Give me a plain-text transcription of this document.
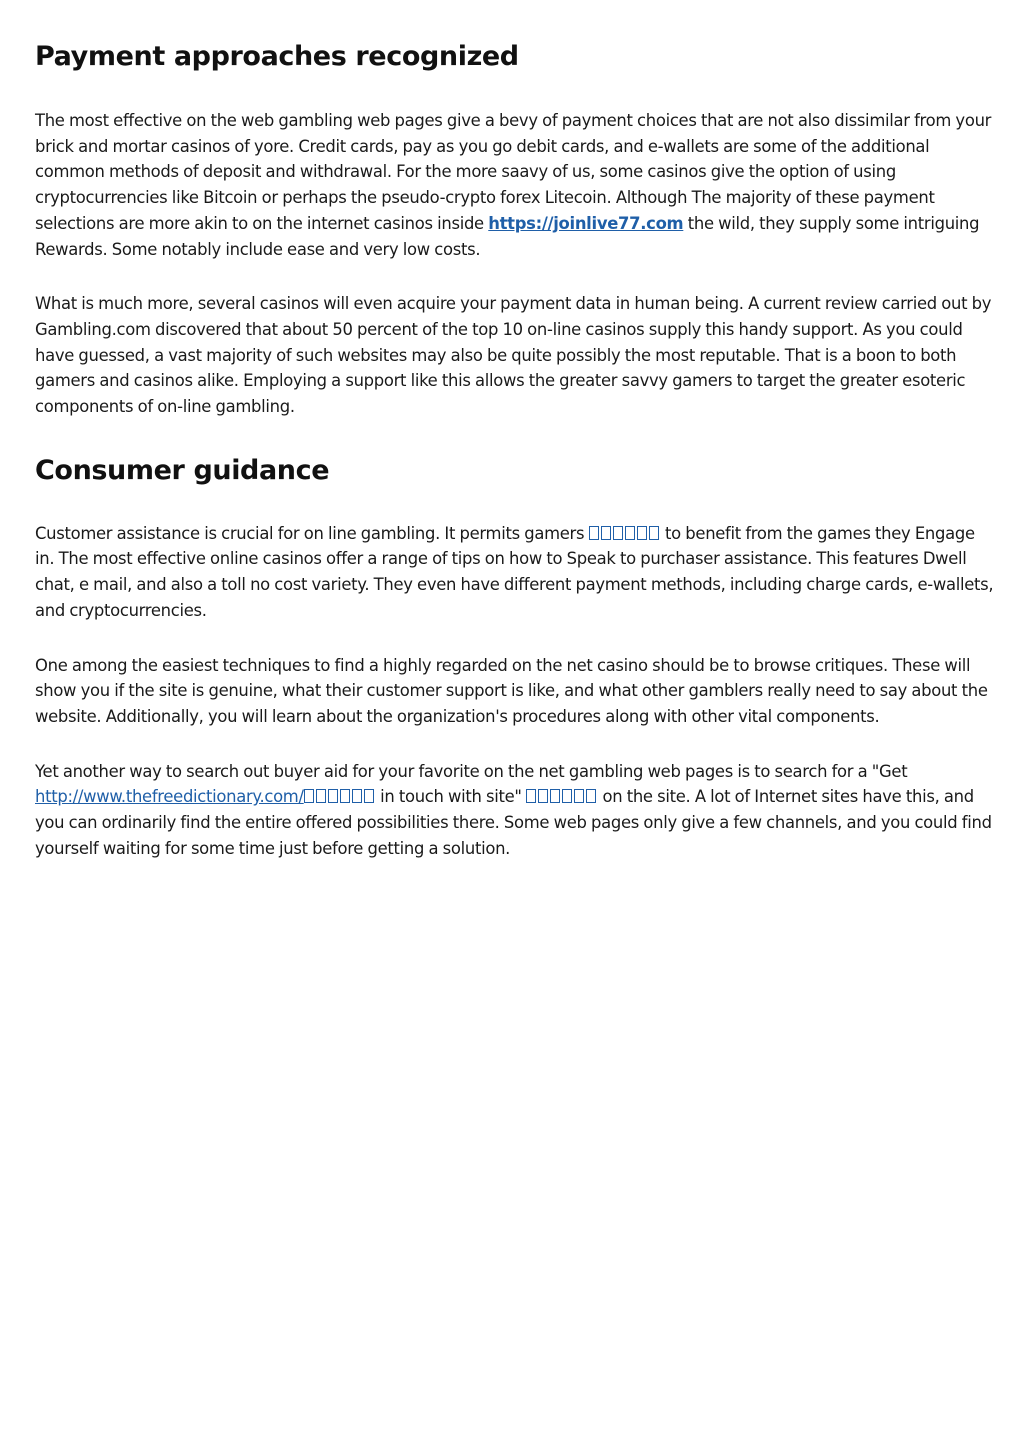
Payment approaches recognized

The most effective on the web gambling web pages give a bevy of payment choices that are not also dissimilar from your brick and mortar casinos of yore. Credit cards, pay as you go debit cards, and e-wallets are some of the additional common methods of deposit and withdrawal. For the more saavy of us, some casinos give the option of using cryptocurrencies like Bitcoin or perhaps the pseudo-crypto forex Litecoin. Although The majority of these payment selections are more akin to on the internet casinos inside https://joinlive77.com the wild, they supply some intriguing Rewards. Some notably include ease and very low costs.

What is much more, several casinos will even acquire your payment data in human being. A current review carried out by Gambling.com discovered that about 50 percent of the top 10 on-line casinos supply this handy support. As you could have guessed, a vast majority of such websites may also be quite possibly the most reputable. That is a boon to both gamers and casinos alike. Employing a support like this allows the greater savvy gamers to target the greater esoteric components of on-line gambling.

Consumer guidance

Customer assistance is crucial for on line gambling. It permits gamers	to benefit from the games they Engage in. The most effective online casinos offer a range of tips on how to Speak to purchaser assistance. This features Dwell chat, e mail, and also a toll no cost variety. They even have different payment methods, including charge cards, e-wallets, and cryptocurrencies.

One among the easiest techniques to find a highly regarded on the net casino should be to browse critiques. These will show you if the site is genuine, what their customer support is like, and what other gamblers really need to say about the website. Additionally, you will learn about the organization's procedures along with other vital components.

Yet another way to search out buyer aid for your favorite on the net gambling web pages is to search for a "Get http://www.thefreedictionary.com/	in touch with site"	on the site. A lot of Internet sites have this, and you can ordinarily find the entire offered possibilities there. Some web pages only give a few channels, and you could find yourself waiting for some time just before getting a solution.
